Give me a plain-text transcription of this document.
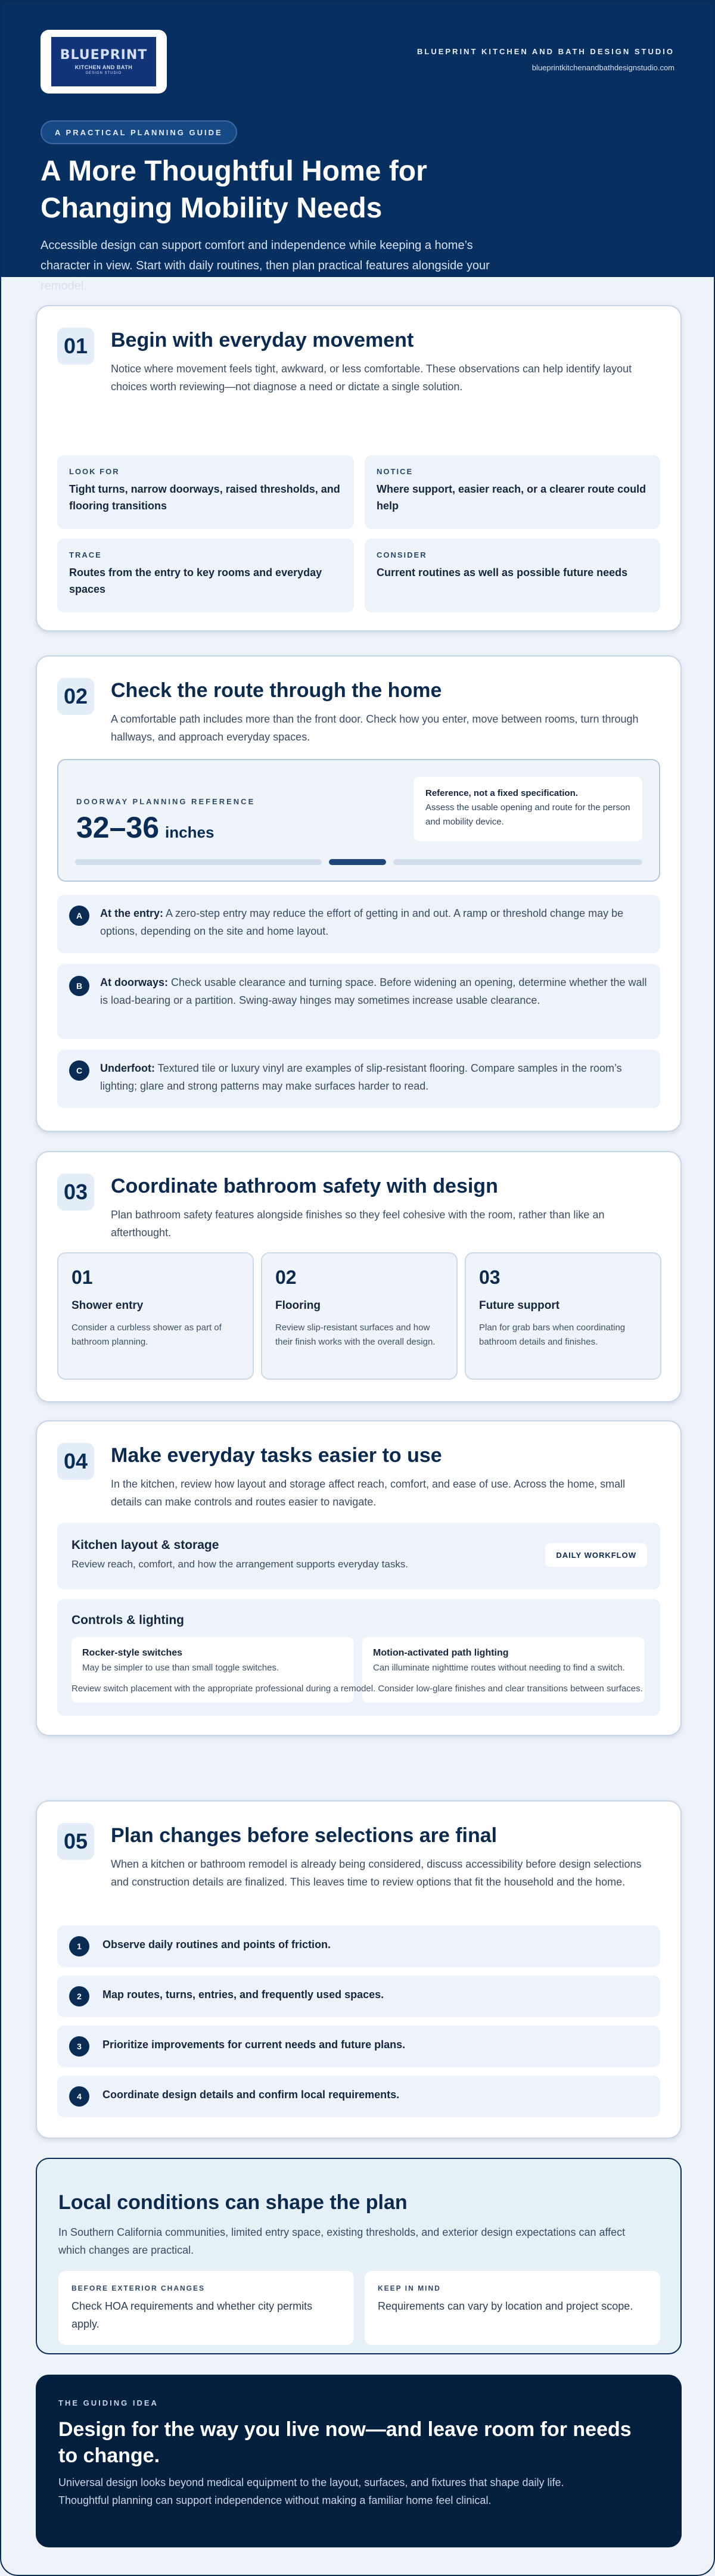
BLUEPRINT
KITCHEN AND BATH
DESIGN STUDIO
BLUEPRINT KITCHEN AND BATH DESIGN STUDIO
blueprintkitchenandbathdesignstudio.com
A PRACTICAL PLANNING GUIDE
A More Thoughtful Home for Changing Mobility Needs

Accessible design can support comfort and independence while keeping a home’s character in view. Start with daily routines, then plan practical features alongside your remodel.

01	Begin with everyday movement

Notice where movement feels tight, awkward, or less comfortable. These observations can help identify layout choices worth reviewing—not diagnose a need or dictate a single solution.

LOOK FOR
Tight turns, narrow doorways, raised thresholds, and flooring transitions
NOTICE
Where support, easier reach, or a clearer route could help
TRACE
Routes from the entry to key rooms and everyday spaces
CONSIDER
Current routines as well as possible future needs
02	Check the route through the home

A comfortable path includes more than the front door. Check how you enter, move between rooms, turn through hallways, and approach everyday spaces.

DOORWAY PLANNING REFERENCE
32–36 inches
Reference, not a fixed specification.
Assess the usable opening and route for the person and mobility device.
A	At the entry: A zero-step entry may reduce the effort of getting in and out. A ramp or threshold change may be options, depending on the site and home layout.
B	At doorways: Check usable clearance and turning space. Before widening an opening, determine whether the wall is load-bearing or a partition. Swing-away hinges may sometimes increase usable clearance.
C	Underfoot: Textured tile or luxury vinyl are examples of slip-resistant flooring. Compare samples in the room’s lighting; glare and strong patterns may make surfaces harder to read.
03	Coordinate bathroom safety with design

Plan bathroom safety features alongside finishes so they feel cohesive with the room, rather than like an afterthought.

01
Shower entry
Consider a curbless shower as part of bathroom planning.
02
Flooring
Review slip-resistant surfaces and how their finish works with the overall design.
03
Future support
Plan for grab bars when coordinating bathroom details and finishes.
04	Make everyday tasks easier to use

In the kitchen, review how layout and storage affect reach, comfort, and ease of use. Across the home, small details can make controls and routes easier to navigate.

Kitchen layout & storage
Review reach, comfort, and how the arrangement supports everyday tasks.
DAILY WORKFLOW
Controls & lighting
Rocker-style switches
May be simpler to use than small toggle switches.
Motion-activated path lighting
Can illuminate nighttime routes without needing to find a switch.
Review switch placement with the appropriate professional during a remodel. Consider low-glare finishes and clear transitions between surfaces.
05	Plan changes before selections are final

When a kitchen or bathroom remodel is already being considered, discuss accessibility before design selections and construction details are finalized. This leaves time to review options that fit the household and the home.

1	Observe daily routines and points of friction.
2	Map routes, turns, entries, and frequently used spaces.
3	Prioritize improvements for current needs and future plans.
4	Coordinate design details and confirm local requirements.
Local conditions can shape the plan

In Southern California communities, limited entry space, existing thresholds, and exterior design expectations can affect which changes are practical.

BEFORE EXTERIOR CHANGES
Check HOA requirements and whether city permits apply.
KEEP IN MIND
Requirements can vary by location and project scope.
THE GUIDING IDEA
Design for the way you live now—and leave room for needs to change.

Universal design looks beyond medical equipment to the layout, surfaces, and fixtures that shape daily life. Thoughtful planning can support independence without making a familiar home feel clinical.
